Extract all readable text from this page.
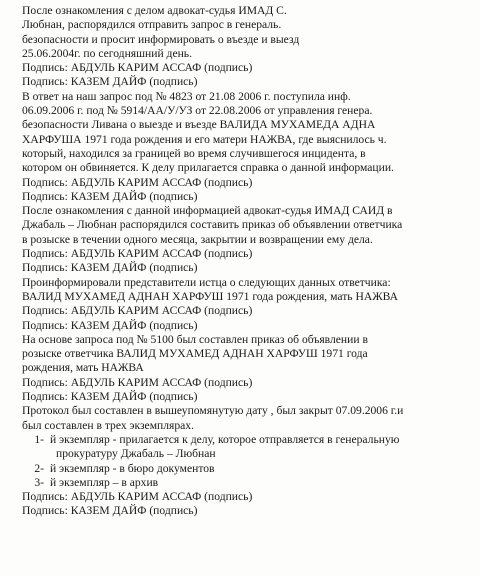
После ознакомления с делом адвокат-судья ИМАД С.
Любнан, распорядился отправить запрос в генераль.
безопасности и просит информировать о въезде и выезд
25.06.2004г. по сегодняшний день.
Подпись: АБДУЛЬ КАРИМ АССАФ (подпись)
Подпись: КАЗЕМ ДАЙФ (подпись)
В ответ на наш запрос под № 4823 от 21.08 2006 г. поступила инф.
06.09.2006 г. под № 5914/АА/У/УЗ от 22.08.2006 от управления генера.
безопасности Ливана о выезде и въезде ВАЛИДА МУХАМЕДА АДНА
ХАРФУША 1971 года рождения и его матери НАЖВА, где выяснилось ч.
который, находился за границей во время случившегося инцидента, в
котором он обвиняется. К делу прилагается справка о данной информации.
Подпись: АБДУЛЬ КАРИМ АССАФ (подпись)
Подпись: КАЗЕМ ДАЙФ (подпись)
После ознакомления с данной информацией адвокат-судья ИМАД САИД в
Джабаль – Любнан распорядился составить приказ об объявлении ответчика
в розыске в течении одного месяца, закрытии и возвращении ему дела.
Подпись: АБДУЛЬ КАРИМ АССАФ (подпись)
Подпись: КАЗЕМ ДАЙФ (подпись)
Проинформировали представители истца о следующих данных ответчика:
ВАЛИД МУХАМЕД АДНАН ХАРФУШ 1971 года рождения, мать НАЖВА
Подпись: АБДУЛЬ КАРИМ АССАФ (подпись)
Подпись: КАЗЕМ ДАЙФ (подпись)
На основе запроса под № 5100 был составлен приказ об объявлении в
розыске ответчика ВАЛИД МУХАМЕД АДНАН ХАРФУШ 1971 года
рождения, мать НАЖВА
Подпись: АБДУЛЬ КАРИМ АССАФ (подпись)
Подпись: КАЗЕМ ДАЙФ (подпись)
Протокол был составлен в вышеупомянутую дату , был закрыт 07.09.2006 г.и
был составлен в трех экземплярах.
1- й экземпляр - прилагается к делу, которое отправляется в генеральную
прокуратуру Джабаль – Любнан
2- й экземпляр - в бюро документов
3- й экземпляр – в архив
Подпись: АБДУЛЬ КАРИМ АССАФ (подпись)
Подпись: КАЗЕМ ДАЙФ (подпись)
